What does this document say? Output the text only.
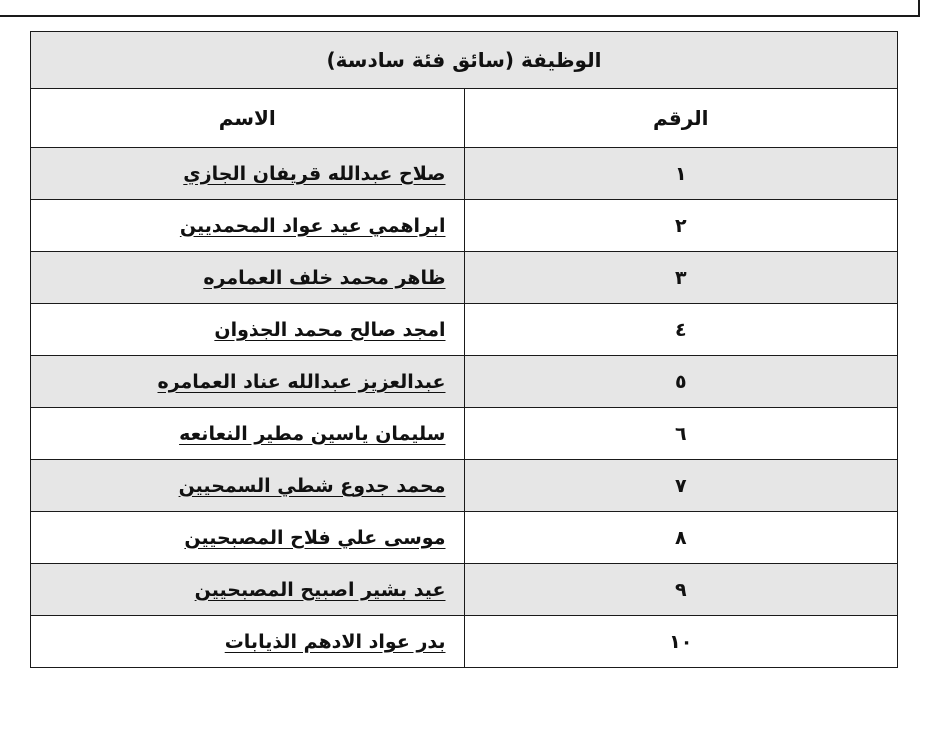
الوظيفة (سائق فئة سادسة)	
الرقم	الاسم
١	صلاح عبدالله قريفان الجازي
٢	ابراهمي عيد عواد المحمديين
٣	ظاهر محمد خلف العمامره
٤	امجد صالح محمد الجذوان
٥	عبدالعزيز عبدالله عناد العمامره
٦	سليمان ياسين مطير النعانعه
٧	محمد جدوع شطي السمحيين
٨	موسى علي فلاح المصبحيين
٩	عيد بشير اصبيح المصبحيين
١٠	بدر عواد الادهم الذيابات
